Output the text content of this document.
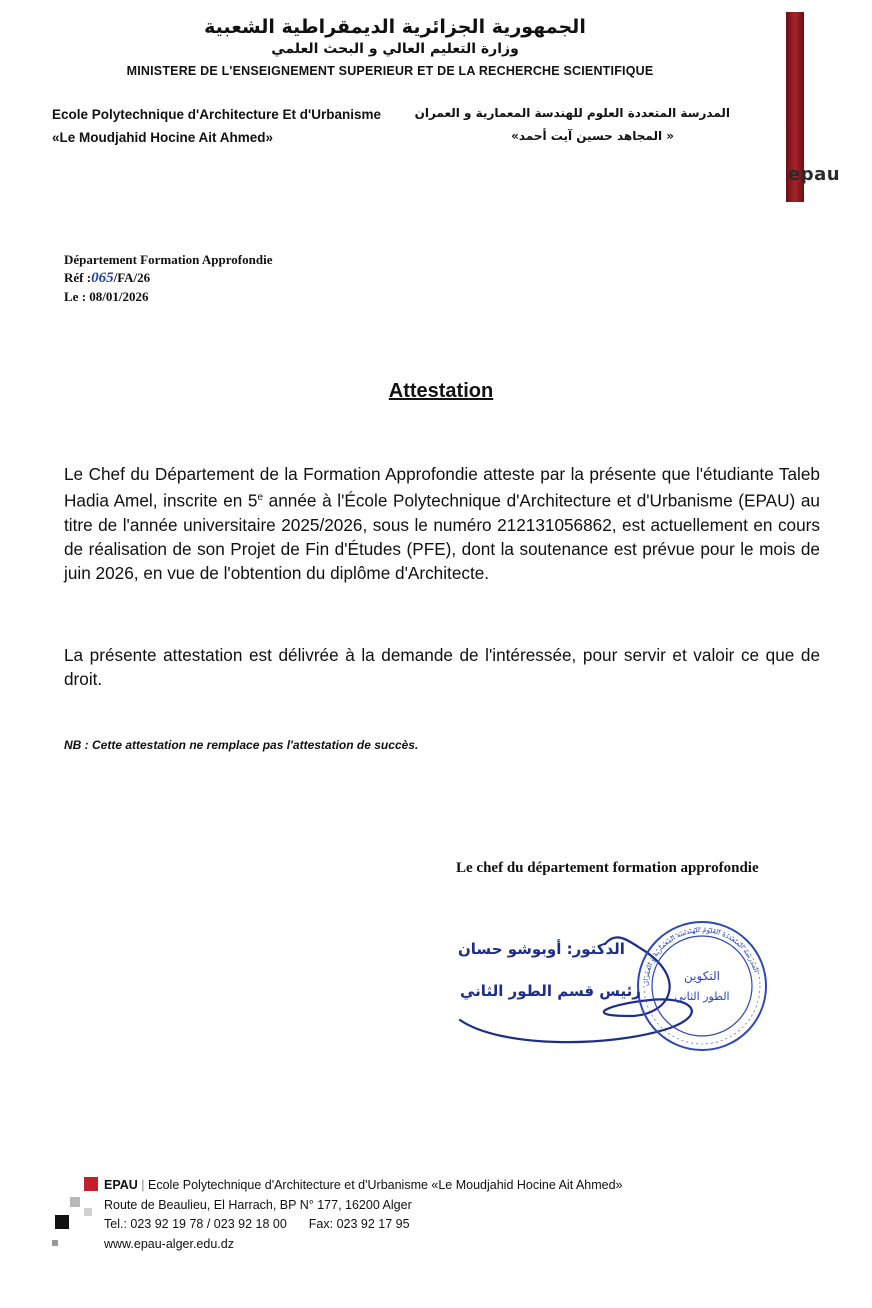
الجمهورية الجزائرية الديمقراطية الشعبية
وزارة التعليم العالي و البحث العلمي
MINISTERE DE L'ENSEIGNEMENT SUPERIEUR ET DE LA RECHERCHE SCIENTIFIQUE
Ecole Polytechnique d'Architecture Et d'Urbanisme
«Le Moudjahid Hocine Ait Ahmed»
المدرسة المتعددة العلوم للهندسة المعمارية و العمران
« المجاهد حسين آيت أحمد»
epau
Département Formation Approfondie
Réf :065/FA/26
Le : 08/01/2026
Attestation
Le Chef du Département de la Formation Approfondie atteste par la présente que l'étudiante Taleb Hadia Amel, inscrite en 5e année à l'École Polytechnique d'Architecture et d'Urbanisme (EPAU) au titre de l'année universitaire 2025/2026, sous le numéro 212131056862, est actuellement en cours de réalisation de son Projet de Fin d'Études (PFE), dont la soutenance est prévue pour le mois de juin 2026, en vue de l'obtention du diplôme d'Architecte.
La présente attestation est délivrée à la demande de l'intéressée, pour servir et valoir ce que de droit.
NB : Cette attestation ne remplace pas l'attestation de succès.
Le chef du département formation approfondie
التكوين
الطور الثاني
المدرسة المتعددة العلوم للهندسة المعمارية و العمران
الدكتور: أوبوشو حسان
رئيس قسم الطور الثاني
EPAU | Ecole Polytechnique d'Architecture et d'Urbanisme «Le Moudjahid Hocine Ait Ahmed»
Route de Beaulieu, El Harrach, BP N° 177, 16200 Alger
Tel.: 023 92 19 78 / 023 92 18 00 Fax: 023 92 17 95
www.epau-alger.edu.dz
